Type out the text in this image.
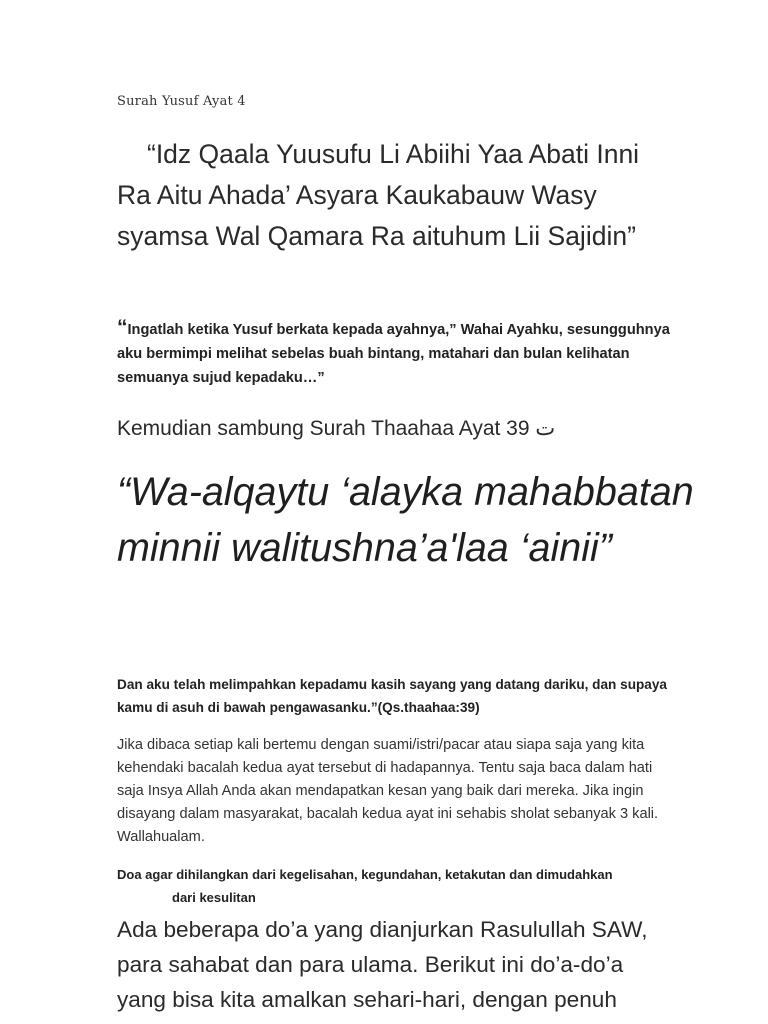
Surah Yusuf Ayat 4
“Idz Qaala Yuusufu Li Abiihi Yaa Abati Inni Ra Aitu Ahada’ Asyara Kaukabauw Wasy syamsa Wal Qamara Ra aituhum Lii Sajidin”
“Ingatlah ketika Yusuf berkata kepada ayahnya,” Wahai Ayahku, sesungguhnya aku bermimpi melihat sebelas buah bintang, matahari dan bulan kelihatan semuanya sujud kepadaku…”
Kemudian sambung Surah Thaahaa Ayat 39 ‌ت
“Wa-alqaytu ‘alayka mahabbatan minnii walitushna’a'laa ‘ainii”
Dan aku telah melimpahkan kepadamu kasih sayang yang datang dariku, dan supaya kamu di asuh di bawah pengawasanku.”(Qs.thaahaa:39)
Jika dibaca setiap kali bertemu dengan suami/istri/pacar atau siapa saja yang kita kehendaki bacalah kedua ayat tersebut di hadapannya. Tentu saja baca dalam hati saja Insya Allah Anda akan mendapatkan kesan yang baik dari mereka. Jika ingin disayang dalam masyarakat, bacalah kedua ayat ini sehabis sholat sebanyak 3 kali. Wallahualam.
Doa agar dihilangkan dari kegelisahan, kegundahan, ketakutan dan dimudahkan
dari kesulitan
Ada beberapa do’a yang dianjurkan Rasulullah SAW, para sahabat dan para ulama. Berikut ini do’a-do’a yang bisa kita amalkan sehari-hari, dengan penuh
